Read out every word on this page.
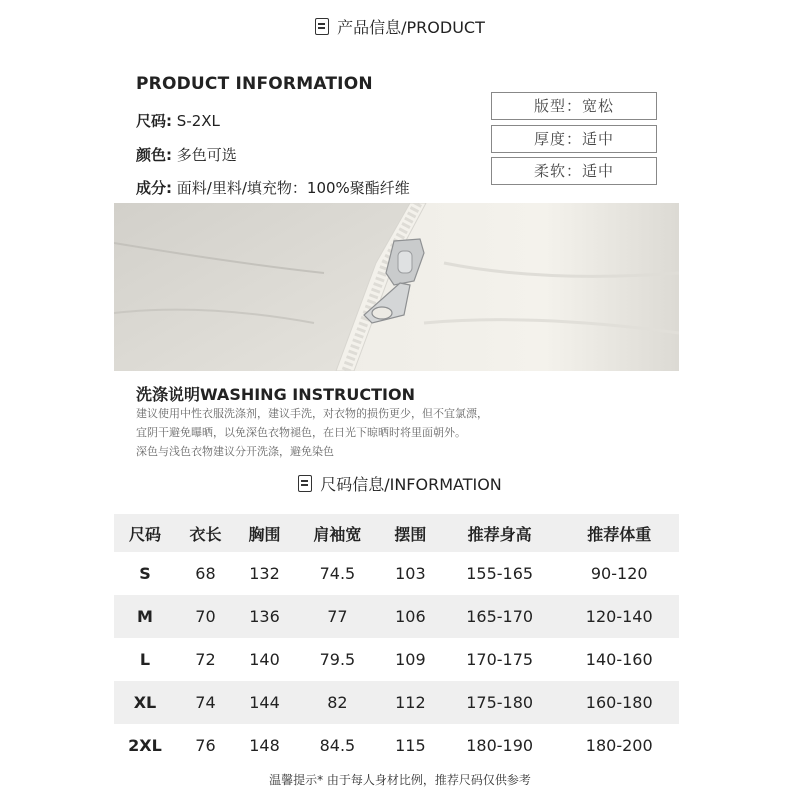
产品信息/PRODUCT
PRODUCT INFORMATION
尺码: S-2XL
颜色: 多色可选
成分: 面料/里料/填充物：100%聚酯纤维
版型：宽松
厚度：适中
柔软：适中
洗涤说明WASHING INSTRUCTION
建议使用中性衣服洗涤剂，建议手洗，对衣物的损伤更少，但不宜氯漂，
宜阴干避免曝晒，以免深色衣物褪色，在日光下晾晒时将里面朝外。
深色与浅色衣物建议分开洗涤，避免染色
尺码信息/INFORMATION
尺码	衣长	胸围	肩袖宽	摆围	推荐身高	推荐体重
S	68	132	74.5	103	155-165	90-120
M	70	136	77	106	165-170	120-140
L	72	140	79.5	109	170-175	140-160
XL	74	144	82	112	175-180	160-180
2XL	76	148	84.5	115	180-190	180-200
温馨提示* 由于每人身材比例，推荐尺码仅供参考
